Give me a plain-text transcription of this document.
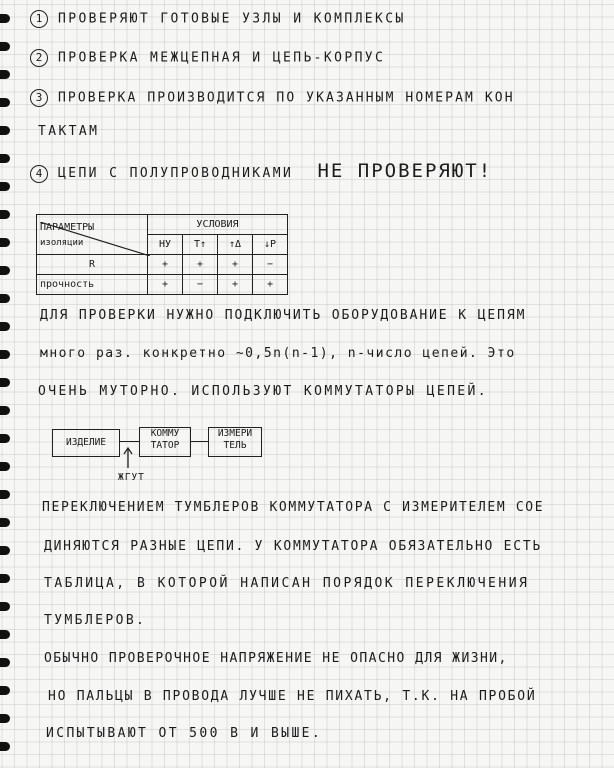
1 ПРОВЕРЯЮТ ГОТОВЫЕ УЗЛЫ И КОМПЛЕКСЫ
2 ПРОВЕРКА МЕЖЦЕПНАЯ И ЦЕПЬ-КОРПУС
3 ПРОВЕРКА ПРОИЗВОДИТСЯ ПО УКАЗАННЫМ НОМЕРАМ КОН
ТАКТАМ
4 ЦЕПИ С ПОЛУПРОВОДНИКАМИ НЕ ПРОВЕРЯЮТ!
ПАРАМЕТРЫ
изоляции	УСЛОВИЯ			
	НУ	T↑	↑Δ	↓P
R	+	+	+	−
прочность	+	−	+	+
ДЛЯ ПРОВЕРКИ НУЖНО ПОДКЛЮЧИТЬ ОБОРУДОВАНИЕ К ЦЕПЯМ
много раз. конкретно ~0,5n(n-1), n-число цепей. Это
ОЧЕНЬ МУТОРНО. ИСПОЛЬЗУЮТ КОММУТАТОРЫ ЦЕПЕЙ.
ИЗДЕЛИЕ
КОММУ
ТАТОР
ИЗМЕРИ
ТЕЛЬ
ЖГУТ
ПЕРЕКЛЮЧЕНИЕМ ТУМБЛЕРОВ КОММУТАТОРА С ИЗМЕРИТЕЛЕМ СОЕ
ДИНЯЮТСЯ РАЗНЫЕ ЦЕПИ. У КОММУТАТОРА ОБЯЗАТЕЛЬНО ЕСТЬ
ТАБЛИЦА, В КОТОРОЙ НАПИСАН ПОРЯДОК ПЕРЕКЛЮЧЕНИЯ
ТУМБЛЕРОВ.
ОБЫЧНО ПРОВЕРОЧНОЕ НАПРЯЖЕНИЕ НЕ ОПАСНО ДЛЯ ЖИЗНИ,
НО ПАЛЬЦЫ В ПРОВОДА ЛУЧШЕ НЕ ПИХАТЬ, Т.К. НА ПРОБОЙ
ИСПЫТЫВАЮТ ОТ 500 В И ВЫШЕ.
